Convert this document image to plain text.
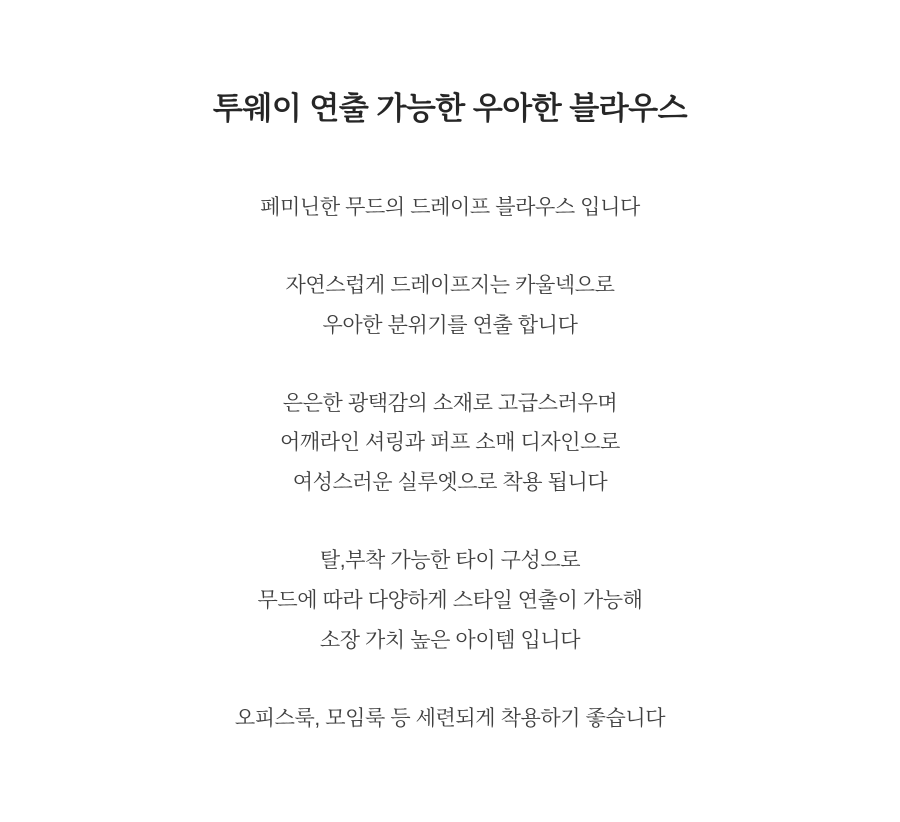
투웨이 연출 가능한 우아한 블라우스
페미닌한 무드의 드레이프 블라우스 입니다
자연스럽게 드레이프지는 카울넥으로
우아한 분위기를 연출 합니다
은은한 광택감의 소재로 고급스러우며
어깨라인 셔링과 퍼프 소매 디자인으로
여성스러운 실루엣으로 착용 됩니다
탈,부착 가능한 타이 구성으로
무드에 따라 다양하게 스타일 연출이 가능해
소장 가치 높은 아이템 입니다
오피스룩, 모임룩 등 세련되게 착용하기 좋습니다
